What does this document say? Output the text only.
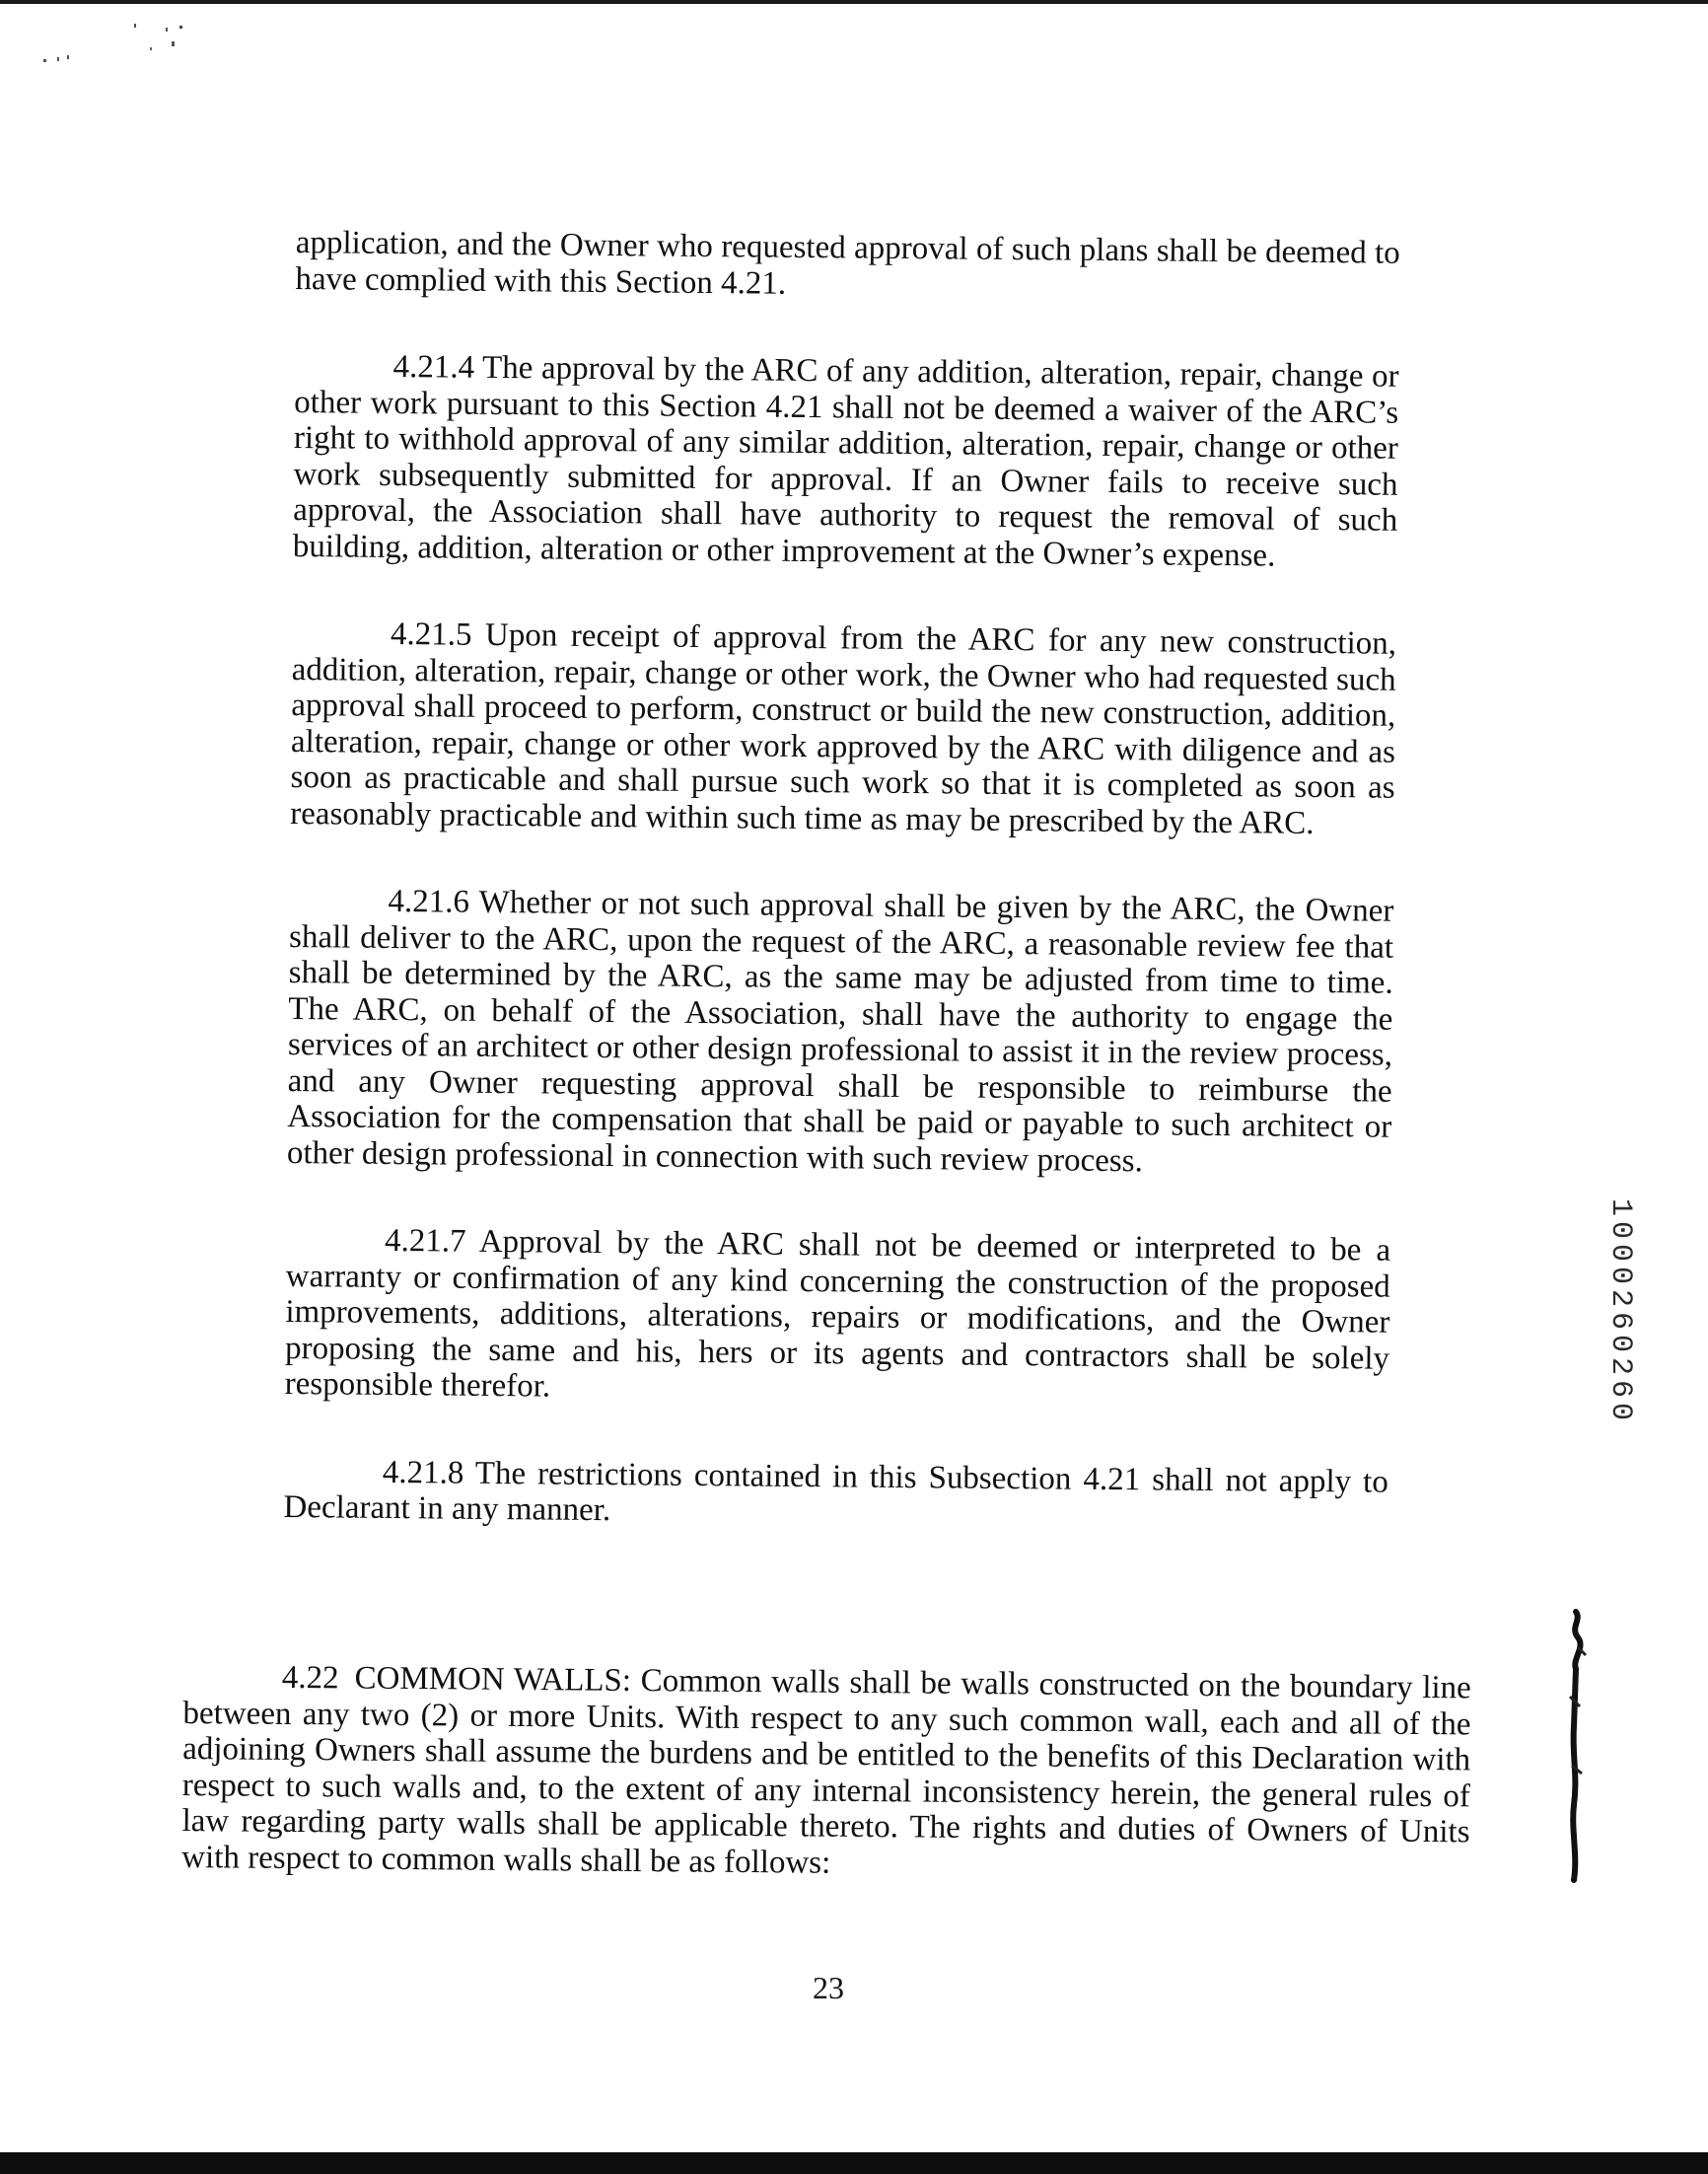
application, and the Owner who requested approval of such plans shall be deemed to have complied with this Section 4.21.

4.21.4 The approval by the ARC of any addition, alteration, repair, change or other work pursuant to this Section 4.21 shall not be deemed a waiver of the ARC’s right to withhold approval of any similar addition, alteration, repair, change or other work subsequently submitted for approval. If an Owner fails to receive such approval, the Association shall have authority to request the removal of such building, addition, alteration or other improvement at the Owner’s expense.

4.21.5 Upon receipt of approval from the ARC for any new construction, addition, alteration, repair, change or other work, the Owner who had requested such approval shall proceed to perform, construct or build the new construction, addition, alteration, repair, change or other work approved by the ARC with diligence and as soon as practicable and shall pursue such work so that it is completed as soon as reasonably practicable and within such time as may be prescribed by the ARC.

4.21.6 Whether or not such approval shall be given by the ARC, the Owner shall deliver to the ARC, upon the request of the ARC, a reasonable review fee that shall be determined by the ARC, as the same may be adjusted from time to time. The ARC, on behalf of the Association, shall have the authority to engage the services of an architect or other design professional to assist it in the review process, and any Owner requesting approval shall be responsible to reimburse the Association for the compensation that shall be paid or payable to such architect or other design professional in connection with such review process.

4.21.7 Approval by the ARC shall not be deemed or interpreted to be a warranty or confirmation of any kind concerning the construction of the proposed improvements, additions, alterations, repairs or modifications, and the Owner proposing the same and his, hers or its agents and contractors shall be solely responsible therefor.

4.21.8 The restrictions contained in this Subsection 4.21 shall not apply to Declarant in any manner.

4.22 COMMON WALLS: Common walls shall be walls constructed on the boundary line between any two (2) or more Units. With respect to any such common wall, each and all of the adjoining Owners shall assume the burdens and be entitled to the benefits of this Declaration with respect to such walls and, to the extent of any internal inconsistency herein, the general rules of law regarding party walls shall be applicable thereto. The rights and duties of Owners of Units with respect to common walls shall be as follows:

23
1000260260
